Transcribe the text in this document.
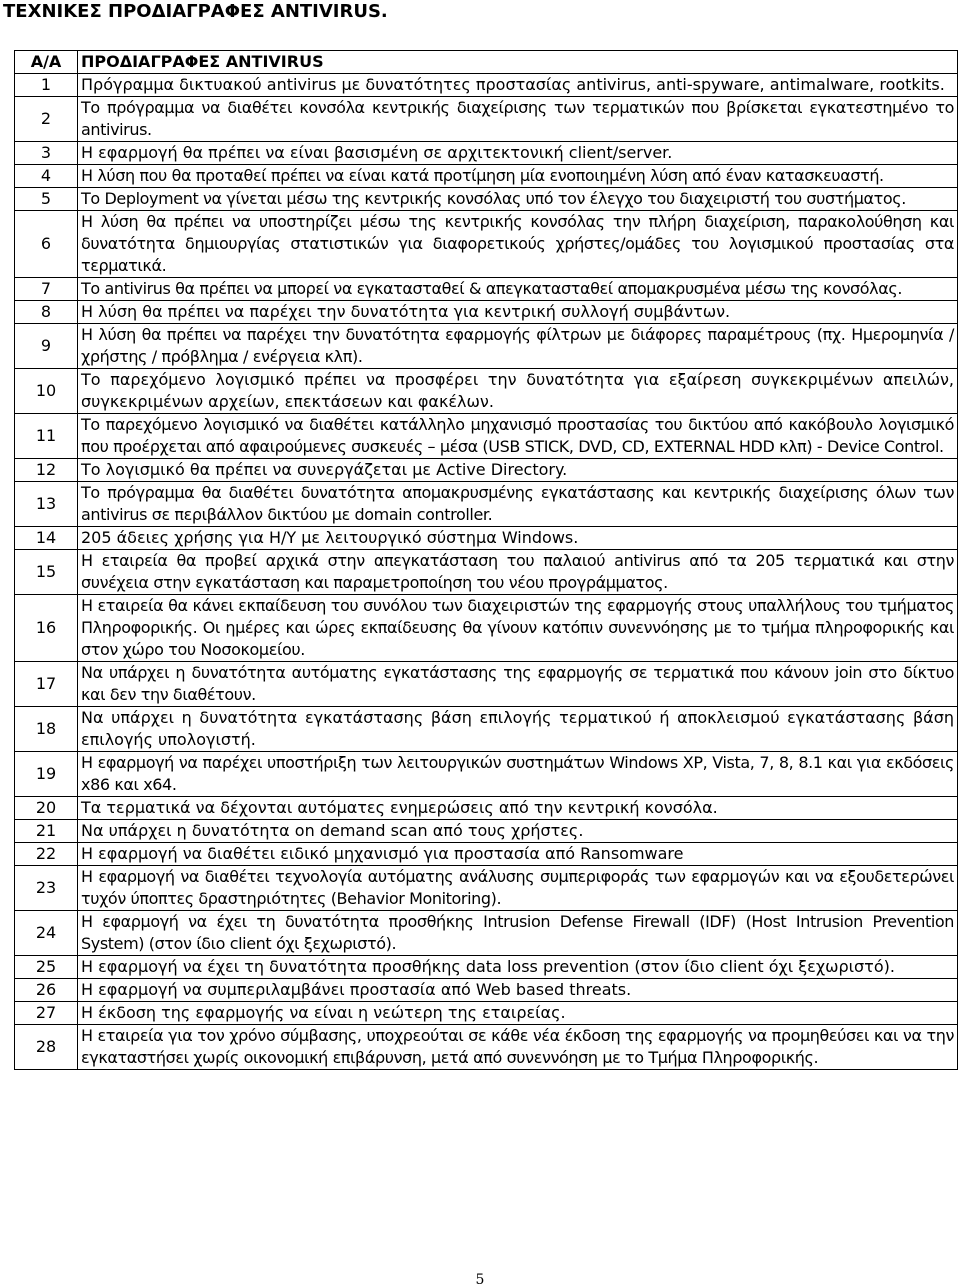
ΤΕΧΝΙΚΕΣ ΠΡΟΔΙΑΓΡΑΦΕΣ ANTIVIRUS.
Α/Α	ΠΡΟΔΙΑΓΡΑΦΕΣ ANTIVIRUS
1	Πρόγραμμα δικτυακού antivirus με δυνατότητες προστασίας antivirus, anti-spyware, antimalware, rootkits.
2	Το πρόγραμμα να διαθέτει κονσόλα κεντρικής διαχείρισης των τερματικών που βρίσκεται εγκατεστημένο το antivirus.
3	Η εφαρμογή θα πρέπει να είναι βασισμένη σε αρχιτεκτονική client/server.
4	Η λύση που θα προταθεί πρέπει να είναι κατά προτίμηση μία ενοποιημένη λύση από έναν κατασκευαστή.
5	Το Deployment να γίνεται μέσω της κεντρικής κονσόλας υπό τον έλεγχο του διαχειριστή του συστήματος.
6	Η λύση θα πρέπει να υποστηρίζει μέσω της κεντρικής κονσόλας την πλήρη διαχείριση, παρακολούθηση και δυνατότητα δημιουργίας στατιστικών για διαφορετικούς χρήστες/ομάδες του λογισμικού προστασίας στα τερματικά.
7	Το antivirus θα πρέπει να μπορεί να εγκατασταθεί & απεγκατασταθεί απομακρυσμένα μέσω της κονσόλας.
8	Η λύση θα πρέπει να παρέχει την δυνατότητα για κεντρική συλλογή συμβάντων.
9	Η λύση θα πρέπει να παρέχει την δυνατότητα εφαρμογής φίλτρων με διάφορες παραμέτρους (πχ. Ημερομηνία / χρήστης / πρόβλημα / ενέργεια κλπ).
10	Το παρεχόμενο λογισμικό πρέπει να προσφέρει την δυνατότητα για εξαίρεση συγκεκριμένων απειλών, συγκεκριμένων αρχείων, επεκτάσεων και φακέλων.
11	Το παρεχόμενο λογισμικό να διαθέτει κατάλληλο μηχανισμό προστασίας του δικτύου από κακόβουλο λογισμικό που προέρχεται από αφαιρούμενες συσκευές – μέσα (USB STICK, DVD, CD, EXTERNAL HDD κλπ) - Device Control.
12	Το λογισμικό θα πρέπει να συνεργάζεται με Active Directory.
13	Το πρόγραμμα θα διαθέτει δυνατότητα απομακρυσμένης εγκατάστασης και κεντρικής διαχείρισης όλων των antivirus σε περιβάλλον δικτύου με domain controller.
14	205 άδειες χρήσης για Η/Υ με λειτουργικό σύστημα Windows.
15	Η εταιρεία θα προβεί αρχικά στην απεγκατάσταση του παλαιού antivirus από τα 205 τερματικά και στην συνέχεια στην εγκατάσταση και παραμετροποίηση του νέου προγράμματος.
16	Η εταιρεία θα κάνει εκπαίδευση του συνόλου των διαχειριστών της εφαρμογής στους υπαλλήλους του τμήματος Πληροφορικής. Οι ημέρες και ώρες εκπαίδευσης θα γίνουν κατόπιν συνεννόησης με το τμήμα πληροφορικής και στον χώρο του Νοσοκομείου.
17	Να υπάρχει η δυνατότητα αυτόματης εγκατάστασης της εφαρμογής σε τερματικά που κάνουν join στο δίκτυο και δεν την διαθέτουν.
18	Να υπάρχει η δυνατότητα εγκατάστασης βάση επιλογής τερματικού ή αποκλεισμού εγκατάστασης βάση επιλογής υπολογιστή.
19	Η εφαρμογή να παρέχει υποστήριξη των λειτουργικών συστημάτων Windows XP, Vista, 7, 8, 8.1 και για εκδόσεις x86 και x64.
20	Τα τερματικά να δέχονται αυτόματες ενημερώσεις από την κεντρική κονσόλα.
21	Να υπάρχει η δυνατότητα on demand scan από τους χρήστες.
22	Η εφαρμογή να διαθέτει ειδικό μηχανισμό για προστασία από Ransomware
23	Η εφαρμογή να διαθέτει τεχνολογία αυτόματης ανάλυσης συμπεριφοράς των εφαρμογών και να εξουδετερώνει τυχόν ύποπτες δραστηριότητες (Behavior Monitoring).
24	Η εφαρμογή να έχει τη δυνατότητα προσθήκης Intrusion Defense Firewall (IDF) (Host Intrusion Prevention System) (στον ίδιο client όχι ξεχωριστό).
25	Η εφαρμογή να έχει τη δυνατότητα προσθήκης data loss prevention (στον ίδιο client όχι ξεχωριστό).
26	Η εφαρμογή να συμπεριλαμβάνει προστασία από Web based threats.
27	Η έκδοση της εφαρμογής να είναι η νεώτερη της εταιρείας.
28	Η εταιρεία για τον χρόνο σύμβασης, υποχρεούται σε κάθε νέα έκδοση της εφαρμογής να προμηθεύσει και να την εγκαταστήσει χωρίς οικονομική επιβάρυνση, μετά από συνεννόηση με το Τμήμα Πληροφορικής.
5
